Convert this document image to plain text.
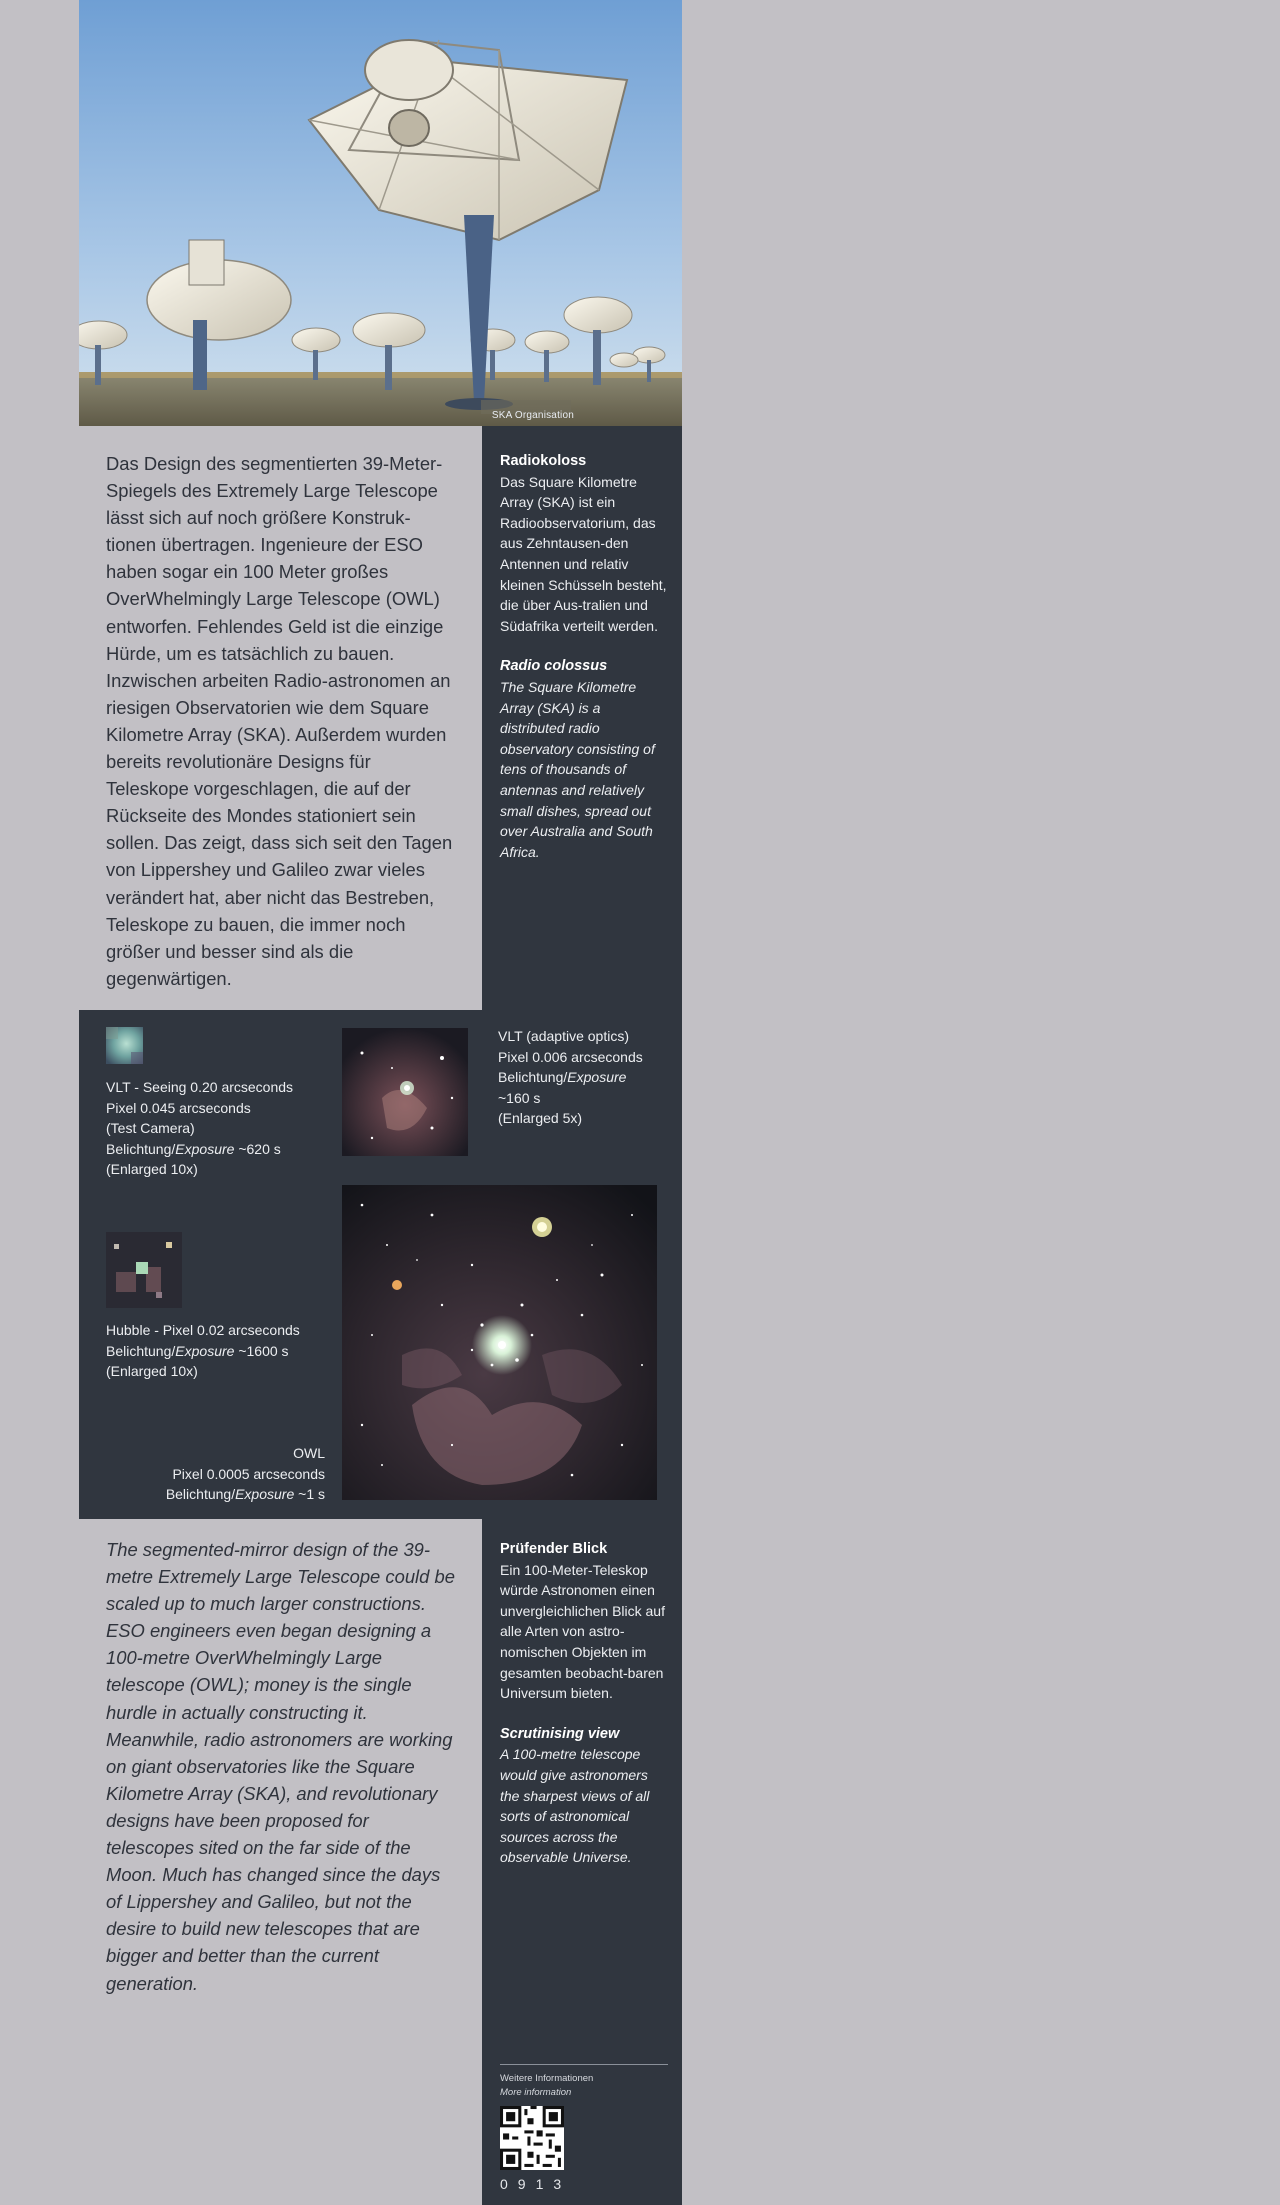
SKA Organisation

Das Design des segmentierten 39-Meter-Spiegels des Extremely Large Telescope lässt sich auf noch größere Konstruk-tionen übertragen. Ingenieure der ESO haben sogar ein 100 Meter großes OverWhelmingly Large Telescope (OWL) entworfen. Fehlendes Geld ist die einzige Hürde, um es tatsächlich zu bauen. Inzwischen arbeiten Radio-astronomen an riesigen Observatorien wie dem Square Kilometre Array (SKA). Außerdem wurden bereits revolutionäre Designs für Teleskope vorgeschlagen, die auf der Rückseite des Mondes stationiert sein sollen. Das zeigt, dass sich seit den Tagen von Lippershey und Galileo zwar vieles verändert hat, aber nicht das Bestreben, Teleskope zu bauen, die immer noch größer und besser sind als die gegenwärtigen.

Radiokoloss

Das Square Kilometre Array (SKA) ist ein Radioobservatorium, das aus Zehntausen-den Antennen und relativ kleinen Schüsseln besteht, die über Aus-tralien und Südafrika verteilt werden.

Radio colossus

The Square Kilometre Array (SKA) is a distributed radio observatory consisting of tens of thousands of antennas and relatively small dishes, spread out over Australia and South Africa.

VLT - Seeing 0.20 arcseconds
Pixel 0.045 arcseconds
(Test Camera)
Belichtung/Exposure ~620 s
(Enlarged 10x)
VLT (adaptive optics)
Pixel 0.006 arcseconds
Belichtung/Exposure
~160 s
(Enlarged 5x)
Hubble - Pixel 0.02 arcseconds
Belichtung/Exposure ~1600 s
(Enlarged 10x)
OWL
Pixel 0.0005 arcseconds
Belichtung/Exposure ~1 s

The segmented-mirror design of the 39-metre Extremely Large Telescope could be scaled up to much larger constructions. ESO engineers even began designing a 100-metre OverWhelmingly Large telescope (OWL); money is the single hurdle in actually constructing it. Meanwhile, radio astronomers are working on giant observatories like the Square Kilometre Array (SKA), and revolutionary designs have been proposed for telescopes sited on the far side of the Moon. Much has changed since the days of Lippershey and Galileo, but not the desire to build new telescopes that are bigger and better than the current generation.

Prüfender Blick

Ein 100-Meter-Teleskop würde Astronomen einen unvergleichlichen Blick auf alle Arten von astro-nomischen Objekten im gesamten beobacht-baren Universum bieten.

Scrutinising view

A 100-metre telescope would give astronomers the sharpest views of all sorts of astronomical sources across the observable Universe.

Weitere Informationen
More information
0913
